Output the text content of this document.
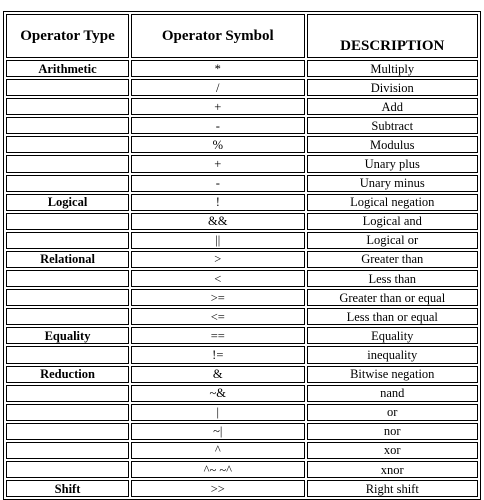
Operator Type	Operator Symbol	DESCRIPTION
Arithmetic	*	Multiply
	/	Division
	+	Add
	-	Subtract
	%	Modulus
	+	Unary plus
	-	Unary minus
Logical	!	Logical negation
	&&	Logical and
	||	Logical or
Relational	>	Greater than
	<	Less than
	>=	Greater than or equal
	<=	Less than or equal
Equality	==	Equality
	!=	inequality
Reduction	&	Bitwise negation
	~&	nand
	|	or
	~|	nor
	^	xor
	^~ ~^	xnor
Shift	>>	Right shift
